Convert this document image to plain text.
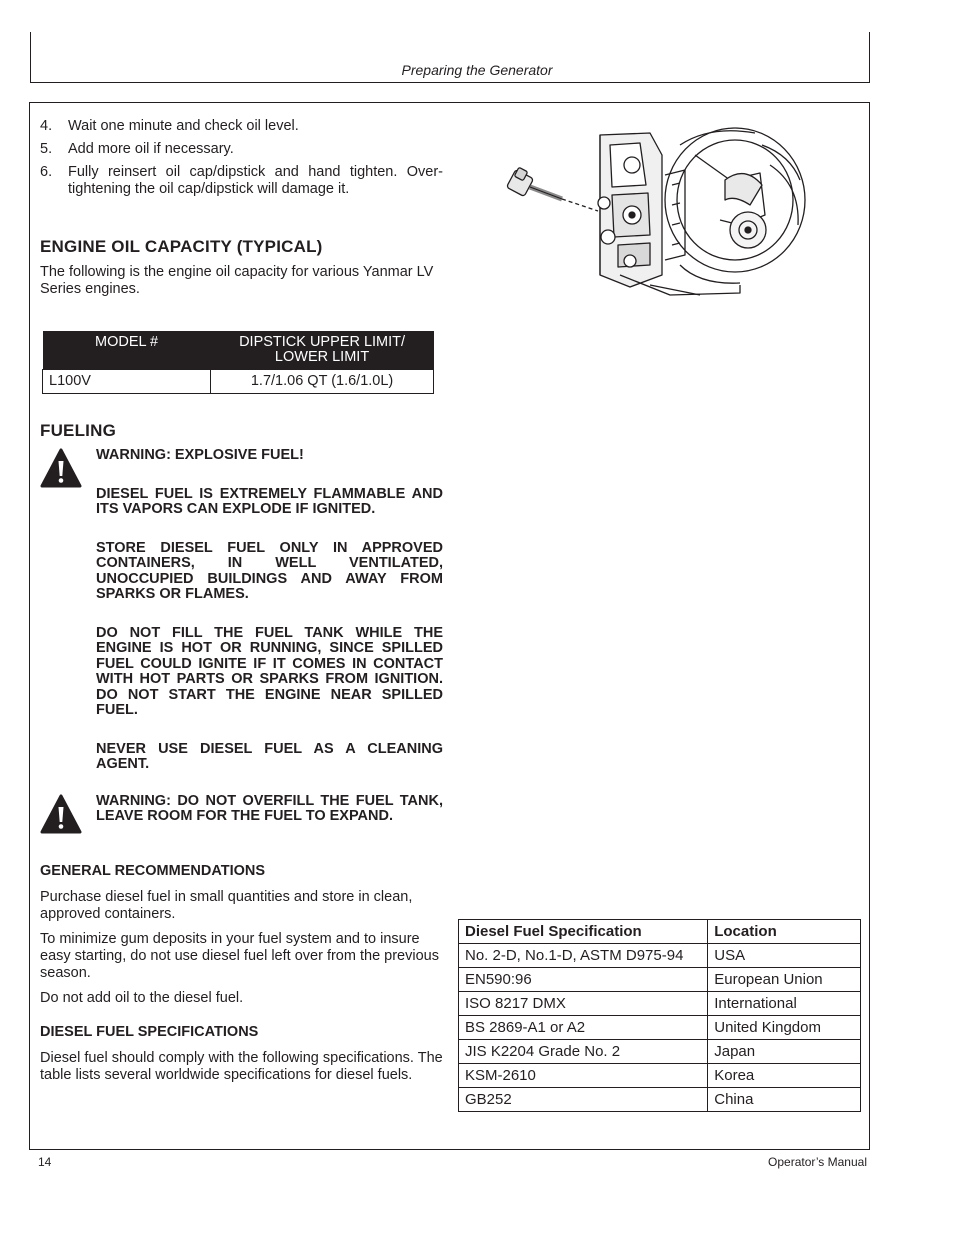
Preparing the Generator
4.	Wait one minute and check oil level.
5.	Add more oil if necessary.
6.	Fully reinsert oil cap/dipstick and hand tighten. Over-tightening the oil cap/dipstick will damage it.
ENGINE OIL CAPACITY (TYPICAL)

The following is the engine oil capacity for various Yanmar LV Series engines.

MODEL #	DIPSTICK UPPER LIMIT/ LOWER LIMIT
L100V	1.7/1.06 QT (1.6/1.0L)
FUELING

WARNING: EXPLOSIVE FUEL!

DIESEL FUEL IS EXTREMELY FLAMMABLE AND ITS VAPORS CAN EXPLODE IF IGNITED.

STORE DIESEL FUEL ONLY IN APPROVED CONTAINERS, IN WELL VENTILATED, UNOCCUPIED BUILDINGS AND AWAY FROM SPARKS OR FLAMES.

DO NOT FILL THE FUEL TANK WHILE THE ENGINE IS HOT OR RUNNING, SINCE SPILLED FUEL COULD IGNITE IF IT COMES IN CONTACT WITH HOT PARTS OR SPARKS FROM IGNITION. DO NOT START THE ENGINE NEAR SPILLED FUEL.

NEVER USE DIESEL FUEL AS A CLEANING AGENT.

WARNING: DO NOT OVERFILL THE FUEL TANK, LEAVE ROOM FOR THE FUEL TO EXPAND.

GENERAL RECOMMENDATIONS

Purchase diesel fuel in small quantities and store in clean, approved containers.

To minimize gum deposits in your fuel system and to insure easy starting, do not use diesel fuel left over from the previous season.

Do not add oil to the diesel fuel.

DIESEL FUEL SPECIFICATIONS

Diesel fuel should comply with the following specifications. The table lists several worldwide specifications for diesel fuels.

Diesel Fuel Specification	Location
No. 2-D, No.1-D, ASTM D975-94	USA
EN590:96	European Union
ISO 8217 DMX	International
BS 2869-A1 or A2	United Kingdom
JIS K2204 Grade No. 2	Japan
KSM-2610	Korea
GB252	China
14	Operator’s Manual
